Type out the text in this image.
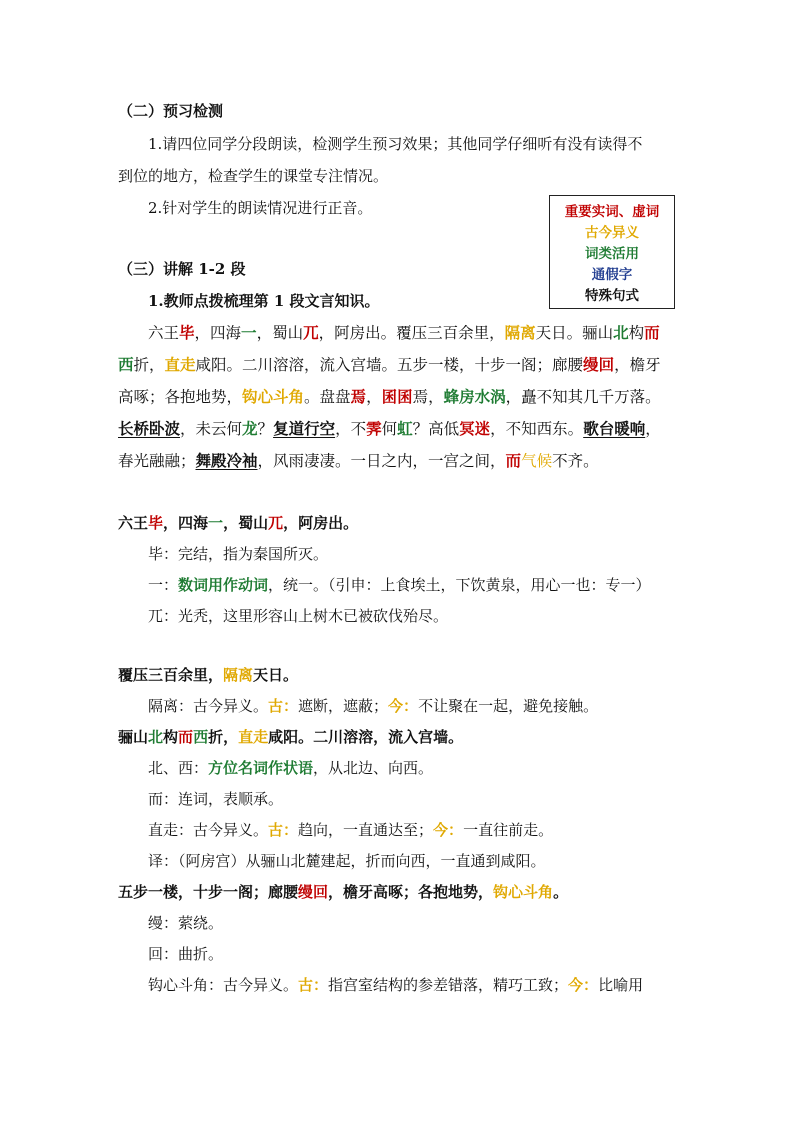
（二）预习检测
1.请四位同学分段朗读，检测学生预习效果；其他同学仔细听有没有读得不
到位的地方，检查学生的课堂专注情况。
2.针对学生的朗读情况进行正音。	重要实词、虚词
古今异义
词类活用
通假字
特殊句式
（三）讲解 1-2 段
1.教师点拨梳理第 1 段文言知识。
六王毕，四海一，蜀山兀，阿房出。覆压三百余里，隔离天日。骊山北构而
西折，直走咸阳。二川溶溶，流入宫墙。五步一楼，十步一阁；廊腰缦回，檐牙
高啄；各抱地势，钩心斗角。盘盘焉，囷囷焉，蜂房水涡，矗不知其几千万落。
长桥卧波，未云何龙？复道行空，不霁何虹？高低冥迷，不知西东。歌台暖响，
春光融融；舞殿冷袖，风雨凄凄。一日之内，一宫之间，而气候不齐。
六王毕，四海一，蜀山兀，阿房出。
毕：完结，指为秦国所灭。
一：数词用作动词，统一。（引申：上食埃土，下饮黄泉，用心一也：专一）
兀：光秃，这里形容山上树木已被砍伐殆尽。
覆压三百余里，隔离天日。
隔离：古今异义。古：遮断，遮蔽；今：不让聚在一起，避免接触。
骊山北构而西折，直走咸阳。二川溶溶，流入宫墙。
北、西：方位名词作状语，从北边、向西。
而：连词，表顺承。
直走：古今异义。古：趋向，一直通达至；今：一直往前走。
译：（阿房宫）从骊山北麓建起，折而向西，一直通到咸阳。
五步一楼，十步一阁；廊腰缦回，檐牙高啄；各抱地势，钩心斗角。
缦：萦绕。
回：曲折。
钩心斗角：古今异义。古：指宫室结构的参差错落，精巧工致；今：比喻用
